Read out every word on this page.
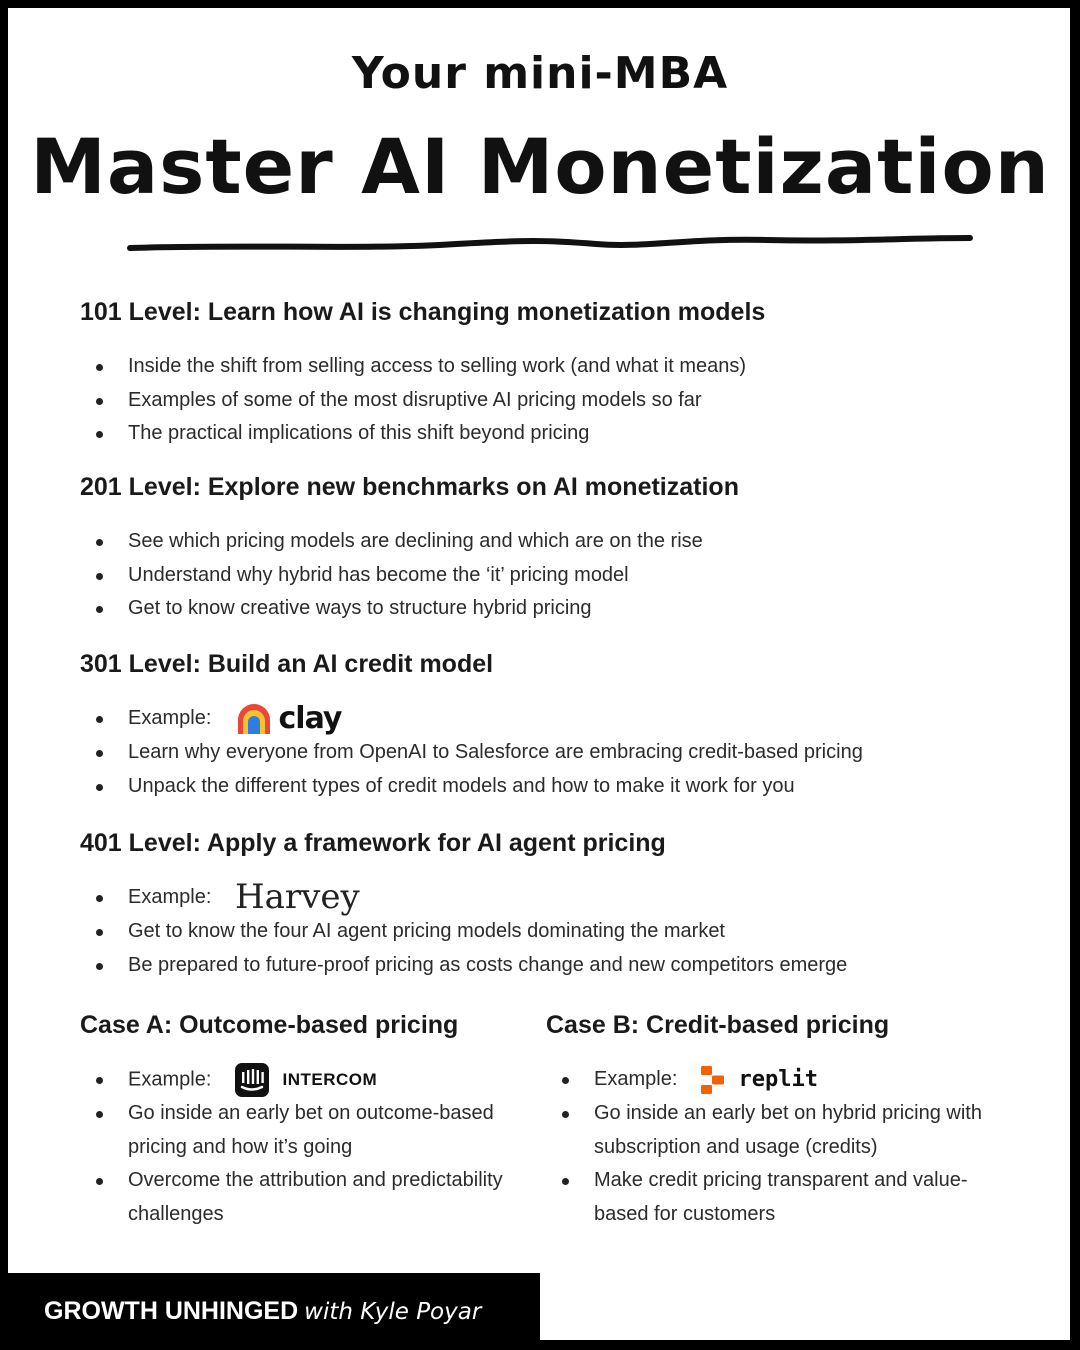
Your mini-MBA
Master AI Monetization
101 Level: Learn how AI is changing monetization models
Inside the shift from selling access to selling work (and what it means)
Examples of some of the most disruptive AI pricing models so far
The practical implications of this shift beyond pricing
201 Level: Explore new benchmarks on AI monetization
See which pricing models are declining and which are on the rise
Understand why hybrid has become the ‘it’ pricing model
Get to know creative ways to structure hybrid pricing
301 Level: Build an AI credit model
Example: clay
Learn why everyone from OpenAI to Salesforce are embracing credit-based pricing
Unpack the different types of credit models and how to make it work for you
401 Level: Apply a framework for AI agent pricing
Example: Harvey
Get to know the four AI agent pricing models dominating the market
Be prepared to future-proof pricing as costs change and new competitors emerge
Case A: Outcome-based pricing
Example:	INTERCOM
Go inside an early bet on outcome-based pricing and how it’s going
Overcome the attribution and predictability challenges
Case B: Credit-based pricing
Example:	replit
Go inside an early bet on hybrid pricing with subscription and usage (credits)
Make credit pricing transparent and value-based for customers
GROWTH UNHINGED with Kyle Poyar
